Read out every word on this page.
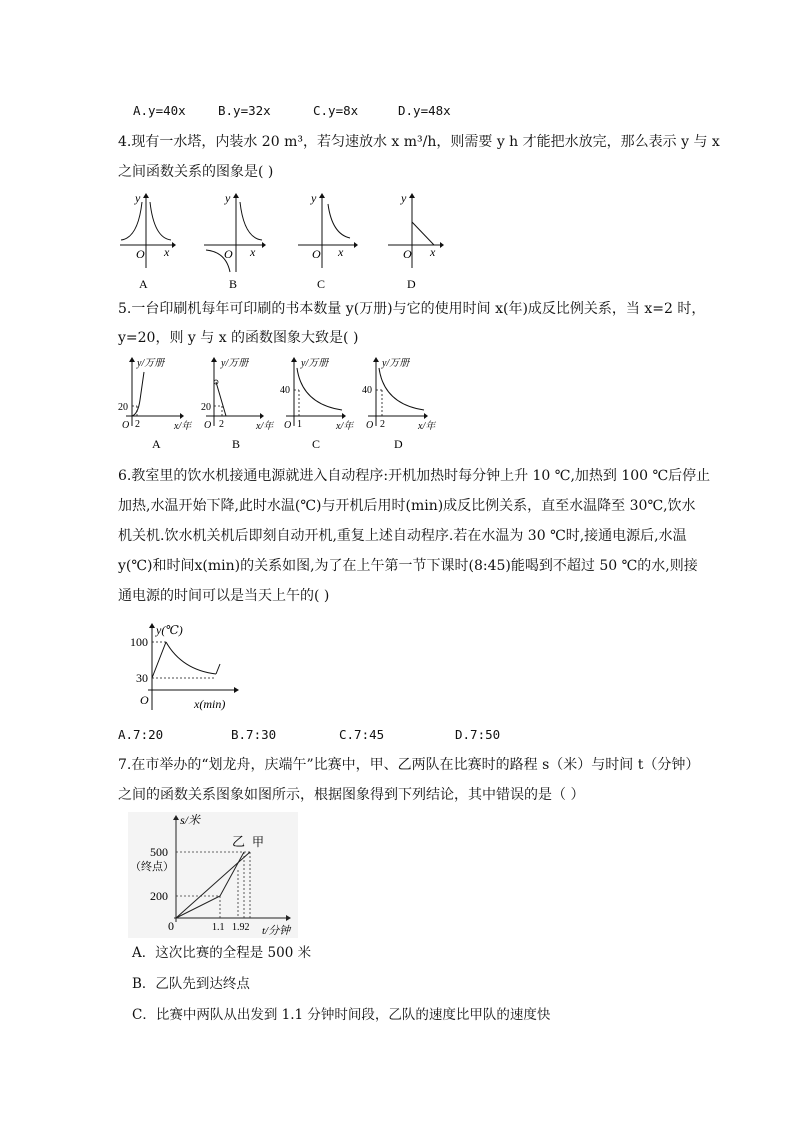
A.y=40x	B.y=32x	C.y=8x	D.y=48x
4.现有一水塔，内装水 20 m³，若匀速放水 x m³/h，则需要 y h 才能把水放完，那么表示 y 与 x
之间函数关系的图象是( )
y
x
O
A
y
x
O
B
y
x
O
C
y
x
O
D
5.一台印刷机每年可印刷的书本数量 y(万册)与它的使用时间 x(年)成反比例关系，当 x=2 时，
y=20，则 y 与 x 的函数图象大致是( )
y/万册
20
2
O	x/年
A
y/万册
20
2
O	x/年
B
y/万册
40
1
O	x/年
C
y/万册
40
2
O	x/年
D
6.教室里的饮水机接通电源就进入自动程序:开机加热时每分钟上升 10 ℃,加热到 100 ℃后停止
加热,水温开始下降,此时水温(℃)与开机后用时(min)成反比例关系，直至水温降至 30℃,饮水
机关机.饮水机关机后即刻自动开机,重复上述自动程序.若在水温为 30 ℃时,接通电源后,水温
y(℃)和时间x(min)的关系如图,为了在上午第一节下课时(8:45)能喝到不超过 50 ℃的水,则接
通电源的时间可以是当天上午的( )
y(℃)
100
30
O	x(min)
A.7:20	B.7:30	C.7:45	D.7:50
7.在市举办的“划龙舟，庆端午”比赛中，甲、乙两队在比赛时的路程 s（米）与时间 t（分钟）
之间的函数关系图象如图所示，根据图象得到下列结论，其中错误的是（ ）
s/米
500
（终点）
200
0	1.1 1.92 t/分钟
乙 甲
A．这次比赛的全程是 500 米
B．乙队先到达终点
C．比赛中两队从出发到 1.1 分钟时间段，乙队的速度比甲队的速度快
